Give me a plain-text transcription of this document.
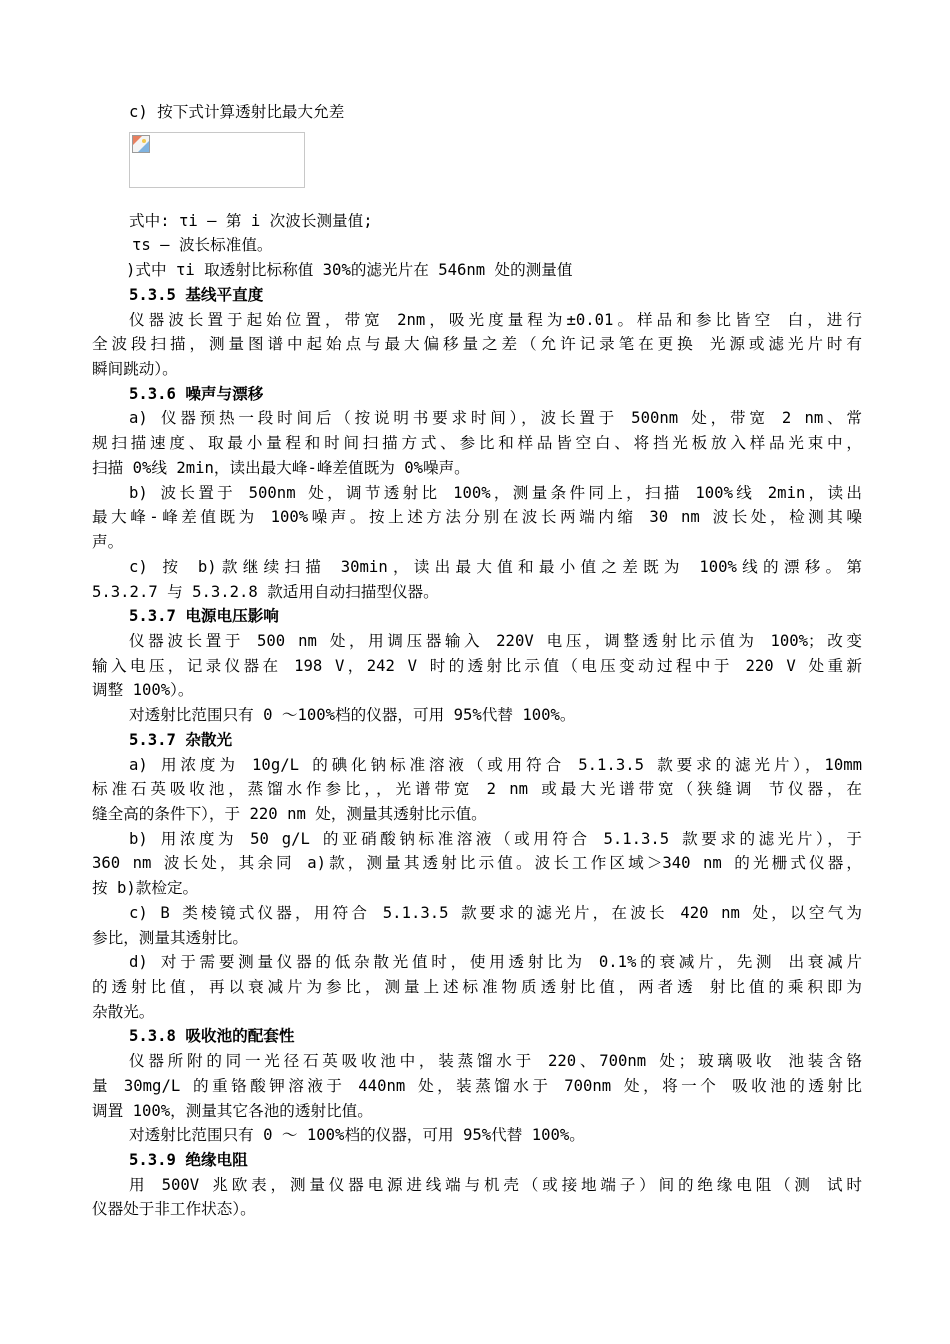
c) 按下式计算透射比最大允差
式中: τi — 第 i 次波长测量值;
τs — 波长标准值。
)式中 τi 取透射比标称值 30%的滤光片在 546nm 处的测量值
5.3.5 基线平直度
仪器波长置于起始位置，带宽 2nm，吸光度量程为±0.01。样品和参比皆空 白，进行
全波段扫描，测量图谱中起始点与最大偏移量之差（允许记录笔在更换 光源或滤光片时有
瞬间跳动）。
5.3.6 噪声与漂移
a) 仪器预热一段时间后（按说明书要求时间），波长置于 500nm 处，带宽 2 nm、常
规扫描速度、取最小量程和时间扫描方式、参比和样品皆空白、将挡光板放入样品光束中，
扫描 0%线 2min，读出最大峰-峰差值既为 0%噪声。
b) 波长置于 500nm 处，调节透射比 100%，测量条件同上，扫描 100%线 2min，读出
最大峰-峰差值既为 100%噪声。按上述方法分别在波长两端内缩 30 nm 波长处，检测其噪
声。
c) 按 b)款继续扫描 30min，读出最大值和最小值之差既为 100%线的漂移。第
5.3.2.7 与 5.3.2.8 款适用自动扫描型仪器。
5.3.7 电源电压影响
仪器波长置于 500 nm 处，用调压器输入 220V 电压，调整透射比示值为 100%；改变
输入电压，记录仪器在 198 V，242 V 时的透射比示值（电压变动过程中于 220 V 处重新
调整 100%）。
对透射比范围只有 0 ～100%档的仪器，可用 95%代替 100%。
5.3.7 杂散光
a) 用浓度为 10g/L 的碘化钠标准溶液（或用符合 5.1.3.5 款要求的滤光片），10mm
标准石英吸收池，蒸馏水作参比，，光谱带宽 2 nm 或最大光谱带宽（狭缝调 节仪器，在
缝全高的条件下），于 220 nm 处，测量其透射比示值。
b) 用浓度为 50 g/L 的亚硝酸钠标准溶液（或用符合 5.1.3.5 款要求的滤光片），于
360 nm 波长处，其余同 a)款，测量其透射比示值。波长工作区域＞340 nm 的光栅式仪器，
按 b)款检定。
c) B 类棱镜式仪器，用符合 5.1.3.5 款要求的滤光片，在波长 420 nm 处，以空气为
参比，测量其透射比。
d) 对于需要测量仪器的低杂散光值时，使用透射比为 0.1%的衰减片，先测 出衰减片
的透射比值，再以衰减片为参比，测量上述标准物质透射比值，两者透 射比值的乘积即为
杂散光。
5.3.8 吸收池的配套性
仪器所附的同一光径石英吸收池中，装蒸馏水于 220、700nm 处；玻璃吸收 池装含铬
量 30mg/L 的重铬酸钾溶液于 440nm 处，装蒸馏水于 700nm 处，将一个 吸收池的透射比
调置 100%，测量其它各池的透射比值。
对透射比范围只有 0 ～ 100%档的仪器，可用 95%代替 100%。
5.3.9 绝缘电阻
用 500V 兆欧表，测量仪器电源进线端与机壳（或接地端子）间的绝缘电阻（测 试时
仪器处于非工作状态）。
